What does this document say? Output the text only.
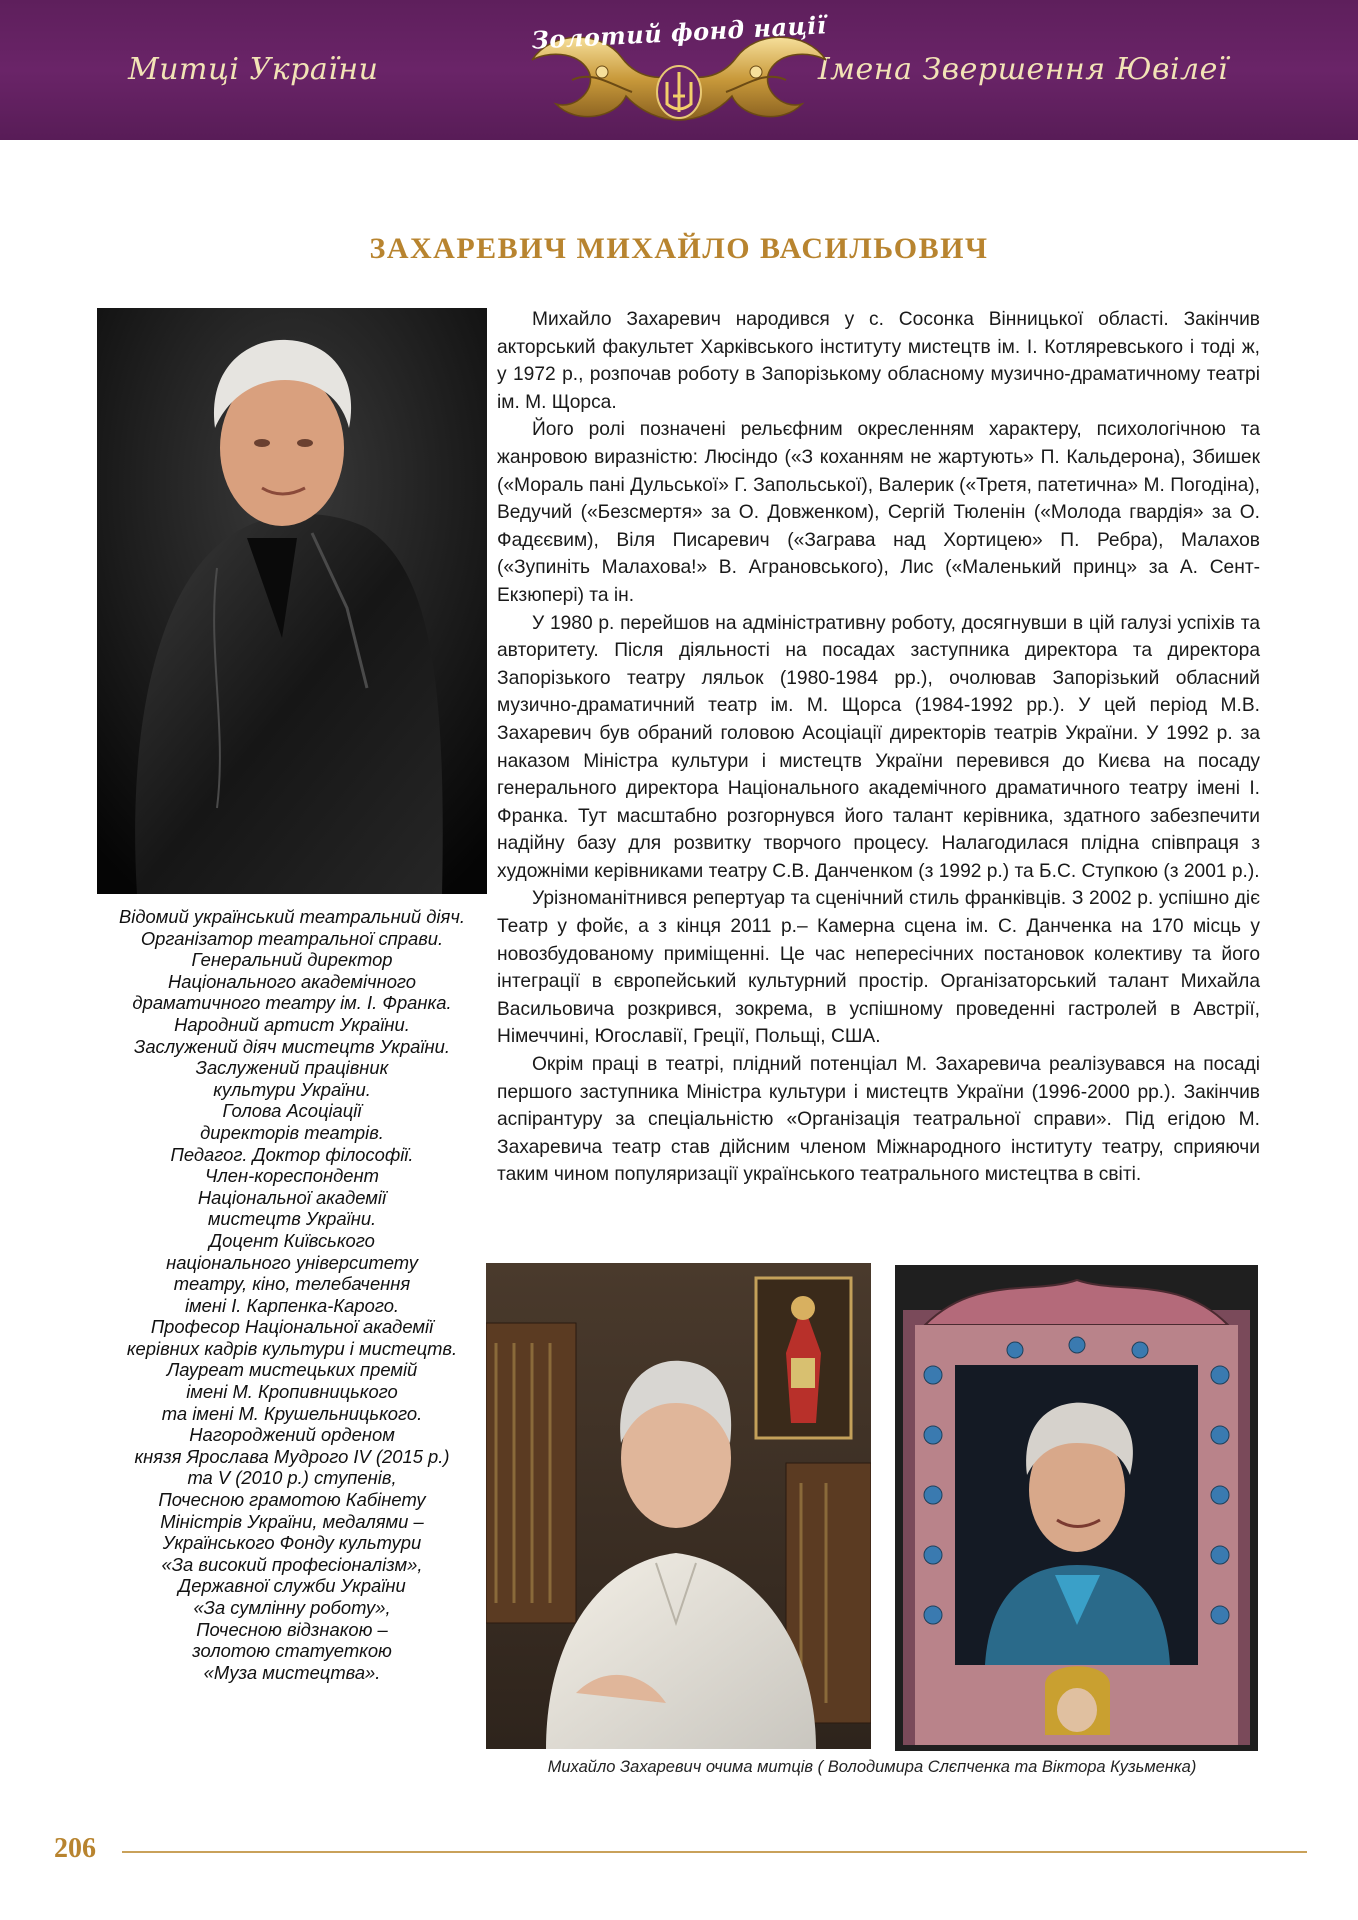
Митці України	Імена Звершення Ювілеї
Золотий фонд нації
ЗАХАРЕВИЧ МИХАЙЛО ВАСИЛЬОВИЧ
Відомий український театральний діяч.
Організатор театральної справи.
Генеральний директор
Національного академічного
драматичного театру ім. І. Франка.
Народний артист України.
Заслужений діяч мистецтв України.
Заслужений працівник
культури України.
Голова Асоціації
директорів театрів.
Педагог. Доктор філософії.
Член-кореспондент
Національної академії
мистецтв України.
Доцент Київського
національного університету
театру, кіно, телебачення
імені І. Карпенка-Карого.
Професор Національної академії
керівних кадрів культури і мистецтв.
Лауреат мистецьких премій
імені М. Кропивницького
та імені М. Крушельницького.
Нагороджений орденом
князя Ярослава Мудрого IV (2015 р.)
та V (2010 р.) ступенів,
Почесною грамотою Кабінету
Міністрів України, медалями –
Українського Фонду культури
«За високий професіоналізм»,
Державної служби України
«За сумлінну роботу»,
Почесною відзнакою –
золотою статуеткою
«Муза мистецтва».

Михайло Захаревич народився у с. Сосонка Вінницької області. Закінчив акторський факультет Харківського інституту мистецтв ім. І. Котляревського і тоді ж, у 1972 р., розпочав роботу в Запорізькому обласному музично-драматичному театрі ім. М. Щорса.

Його ролі позначені рельєфним окресленням характеру, психологічною та жанровою виразністю: Люсіндо («З коханням не жартують» П. Кальдерона), Збишек («Мораль пані Дульської» Г. Запольської), Валерик («Третя, патетична» М. Погодіна), Ведучий («Безсмертя» за О. Довженком), Сергій Тюленін («Молода гвардія» за О. Фадєєвим), Віля Писаревич («Заграва над Хортицею» П. Ребра), Малахов («Зупиніть Малахова!» В. Аграновського), Лис («Маленький принц» за А. Сент-Екзюпері) та ін.

У 1980 р. перейшов на адміністративну роботу, досягнувши в цій галузі успіхів та авторитету. Після діяльності на посадах заступника директора та директора Запорізького театру ляльок (1980-1984 рр.), очолював Запорізький обласний музично-драматичний театр ім. М. Щорса (1984-1992 рр.). У цей період М.В. Захаревич був обраний головою Асоціації директорів театрів України. У 1992 р. за наказом Міністра культури і мистецтв України перевився до Києва на посаду генерального директора Національного академічного драматичного театру імені І. Франка. Тут масштабно розгорнувся його талант керівника, здатного забезпечити надійну базу для розвитку творчого процесу. Налагодилася плідна співпраця з художніми керівниками театру С.В. Данченком (з 1992 р.) та Б.С. Ступкою (з 2001 р.).

Урізноманітнився репертуар та сценічний стиль франківців. З 2002 р. успішно діє Театр у фойє, а з кінця 2011 р.– Камерна сцена ім. С. Данченка на 170 місць у новозбудованому приміщенні. Це час непересічних постановок колективу та його інтеграції в європейський культурний простір. Організаторський талант Михайла Васильовича розкрився, зокрема, в успішному проведенні гастролей в Австрії, Німеччині, Югославії, Греції, Польщі, США.

Окрім праці в театрі, плідний потенціал М. Захаревича реалізувався на посаді першого заступника Міністра культури і мистецтв України (1996-2000 рр.). Закінчив аспірантуру за спеціальністю «Організація театральної справи». Під егідою М. Захаревича театр став дійсним членом Міжнародного інституту театру, сприяючи таким чином популяризації українського театрального мистецтва в світі.

Михайло Захаревич очима митців ( Володимира Слєпченка та Віктора Кузьменка)
206
